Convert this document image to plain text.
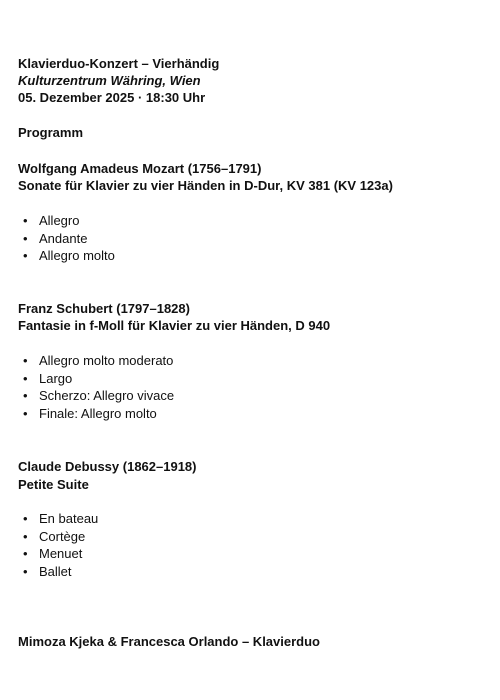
Klavierduo-Konzert – Vierhändig
Kulturzentrum Währing, Wien
05. Dezember 2025 · 18:30 Uhr
Programm
Wolfgang Amadeus Mozart (1756–1791)
Sonate für Klavier zu vier Händen in D-Dur, KV 381 (KV 123a)
• Allegro
• Andante
• Allegro molto
Franz Schubert (1797–1828)
Fantasie in f-Moll für Klavier zu vier Händen, D 940
• Allegro molto moderato
• Largo
• Scherzo: Allegro vivace
• Finale: Allegro molto
Claude Debussy (1862–1918)
Petite Suite
• En bateau
• Cortège
• Menuet
• Ballet
Mimoza Kjeka & Francesca Orlando – Klavierduo
